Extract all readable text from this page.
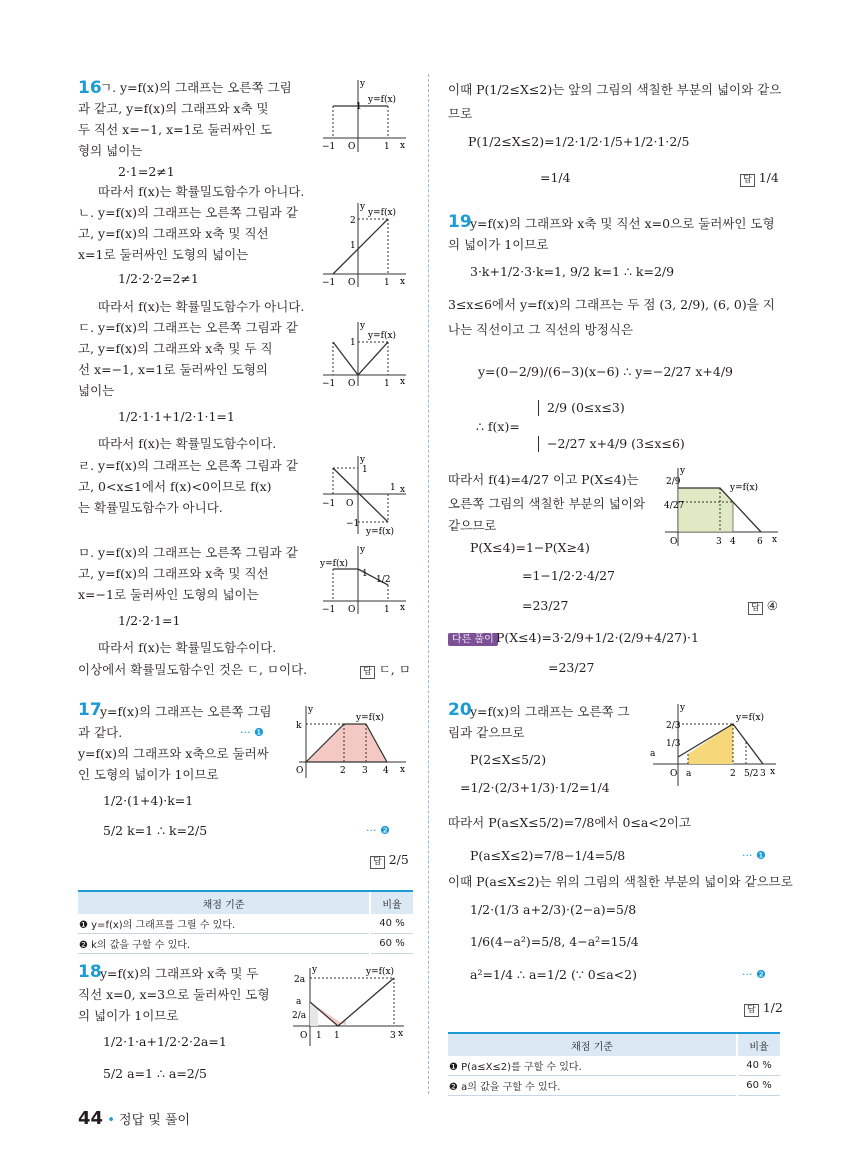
16
ㄱ. y=f(x)의 그래프는 오른쪽 그림
과 같고, y=f(x)의 그래프와 x축 및
두 직선 x=−1, x=1로 둘러싸인 도
형의 넓이는
2·1=2≠1
따라서 f(x)는 확률밀도함수가 아니다.
ㄴ. y=f(x)의 그래프는 오른쪽 그림과 같
고, y=f(x)의 그래프와 x축 및 직선
x=1로 둘러싸인 도형의 넓이는
1/2·2·2=2≠1
따라서 f(x)는 확률밀도함수가 아니다.
ㄷ. y=f(x)의 그래프는 오른쪽 그림과 같
고, y=f(x)의 그래프와 x축 및 두 직
선 x=−1, x=1로 둘러싸인 도형의
넓이는
1/2·1·1+1/2·1·1=1
따라서 f(x)는 확률밀도함수이다.
ㄹ. y=f(x)의 그래프는 오른쪽 그림과 같
고, 0<x≤1에서 f(x)<0이므로 f(x)
는 확률밀도함수가 아니다.
ㅁ. y=f(x)의 그래프는 오른쪽 그림과 같
고, y=f(x)의 그래프와 x축 및 직선
x=−1로 둘러싸인 도형의 넓이는
1/2·2·1=1
따라서 f(x)는 확률밀도함수이다.
이상에서 확률밀도함수인 것은 ㄷ, ㅁ이다.	답 ㄷ, ㅁ
y
1
y=f(x)
−1 O	1 x
y
2
1
y=f(x)
−1 O	1 x
y
1
y=f(x)
−1 O	1 x
y
1
−1 O
1 x
−1
y=f(x)
y
y=f(x)
1
1/2
−1 O	1 x
17
y=f(x)의 그래프는 오른쪽 그림
과 같다.	··· ❶
y=f(x)의 그래프와 x축으로 둘러싸
인 도형의 넓이가 1이므로
1/2·(1+4)·k=1
5/2 k=1 ∴ k=2/5	··· ❷
답 2/5
y
k
y=f(x)
O	2 3 4 x
채점 기준	비율
❶ y=f(x)의 그래프를 그릴 수 있다.	40 %
❷ k의 값을 구할 수 있다.	60 %
18
y=f(x)의 그래프와 x축 및 두
직선 x=0, x=3으로 둘러싸인 도형
의 넓이가 1이므로
1/2·1·a+1/2·2·2a=1
5/2 a=1 ∴ a=2/5
y
2a
a
2/a
y=f(x)
O 1 1	3 x
이때 P(1/2≤X≤2)는 앞의 그림의 색칠한 부분의 넓이와 같으
므로
P(1/2≤X≤2)=1/2·1/2·1/5+1/2·1·2/5
=1/4	답 1/4
19
y=f(x)의 그래프와 x축 및 직선 x=0으로 둘러싸인 도형
의 넓이가 1이므로
3·k+1/2·3·k=1, 9/2 k=1 ∴ k=2/9
3≤x≤6에서 y=f(x)의 그래프는 두 점 (3, 2/9), (6, 0)을 지
나는 직선이고 그 직선의 방정식은
y=(0−2/9)/(6−3)(x−6) ∴ y=−2/27 x+4/9
∴ f(x)=
2/9 (0≤x≤3)
−2/27 x+4/9 (3≤x≤6)
따라서 f(4)=4/27 이고 P(X≤4)는
오른쪽 그림의 색칠한 부분의 넓이와
같으므로
P(X≤4)=1−P(X≥4)
=1−1/2·2·4/27
=23/27	답 ④
다른 풀이 P(X≤4)=3·2/9+1/2·(2/9+4/27)·1
=23/27
y
2/9
4/27
y=f(x)
O	3 4 6 x
20
y=f(x)의 그래프는 오른쪽 그
림과 같으므로
P(2≤X≤5/2)
=1/2·(2/3+1/3)·1/2=1/4
따라서 P(a≤X≤5/2)=7/8에서 0≤a<2이고
P(a≤X≤2)=7/8−1/4=5/8	··· ❶
이때 P(a≤X≤2)는 위의 그림의 색칠한 부분의 넓이와 같으므로
1/2·(1/3 a+2/3)·(2−a)=5/8
1/6(4−a²)=5/8, 4−a²=15/4
a²=1/4 ∴ a=1/2 (∵ 0≤a<2)	··· ❷
답 1/2
y
2/3
1/3
a
y=f(x)
O a	2 5/2 3 x
채점 기준	비율
❶ P(a≤X≤2)를 구할 수 있다.	40 %
❷ a의 값을 구할 수 있다.	60 %
44 • 정답 및 풀이
